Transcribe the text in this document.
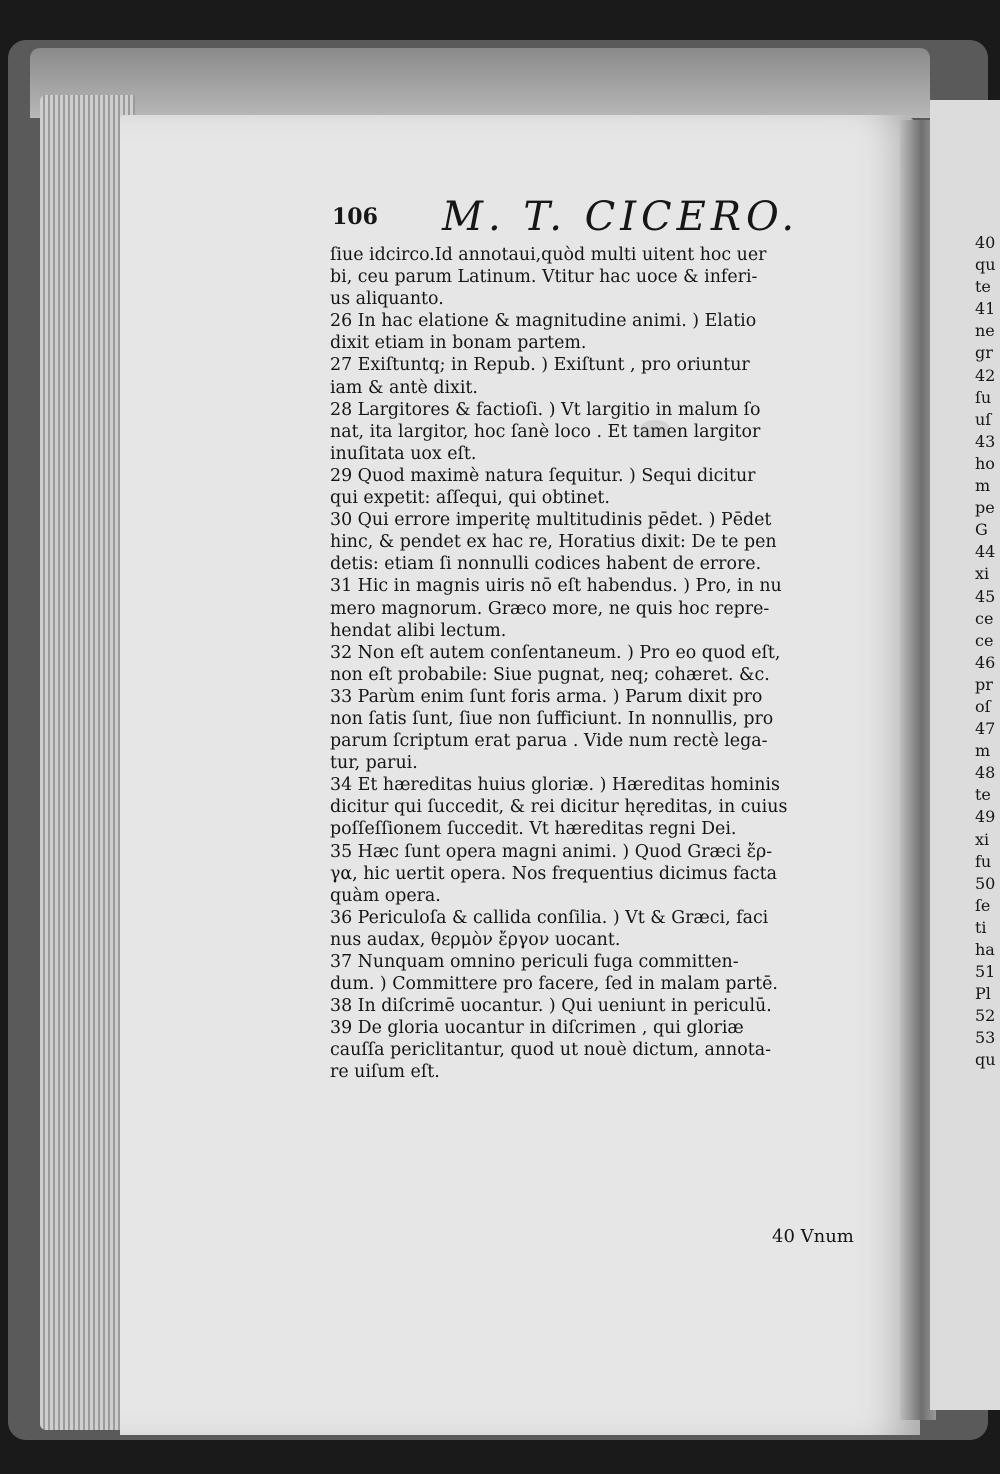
106 M. T. CICERO.
ſiue idcirco.Id annotaui,quòd multi uitent hoc uer
bi, ceu parum Latinum. Vtitur hac uoce & inferi-
us aliquanto.
26 In hac elatione & magnitudine animi. ) Elatio
dixit etiam in bonam partem.
27 Exiſtuntq; in Repub. ) Exiſtunt , pro oriuntur
iam & antè dixit.
28 Largitores & factioſi. ) Vt largitio in malum ſo
nat, ita largitor, hoc ſanè loco . Et tamen largitor
inuſitata uox eſt.
29 Quod maximè natura ſequitur. ) Sequi dicitur
qui expetit: aſſequi, qui obtinet.
30 Qui errore imperitę multitudinis pēdet. ) Pēdet
hinc, & pendet ex hac re, Horatius dixit: De te pen
detis: etiam ſi nonnulli codices habent de errore.
31 Hic in magnis uiris nō eſt habendus. ) Pro, in nu
mero magnorum. Græco more, ne quis hoc repre-
hendat alibi lectum.
32 Non eſt autem conſentaneum. ) Pro eo quod eſt,
non eſt probabile: Siue pugnat, neq; cohæret. &c.
33 Parùm enim ſunt foris arma. ) Parum dixit pro
non ſatis ſunt, ſiue non ſufficiunt. In nonnullis, pro
parum ſcriptum erat parua . Vide num rectè lega-
tur, parui.
34 Et hæreditas huius gloriæ. ) Hæreditas hominis
dicitur qui ſuccedit, & rei dicitur hęreditas, in cuius
poſſeſſionem ſuccedit. Vt hæreditas regni Dei.
35 Hæc ſunt opera magni animi. ) Quod Græci ἔρ-
γα, hic uertit opera. Nos frequentius dicimus facta
quàm opera.
36 Periculoſa & callida conſilia. ) Vt & Græci, faci
nus audax, θερμὸν ἔργον uocant.
37 Nunquam omnino periculi fuga committen-
dum. ) Committere pro facere, ſed in malam partē.
38 In diſcrimē uocantur. ) Qui ueniunt in periculū.
39 De gloria uocantur in diſcrimen , qui gloriæ
cauſſa periclitantur, quod ut nouè dictum, annota-
re uiſum eſt.
40 Vnum
40
qu
te
41
ne
gr
42
ſu
uſ
43
ho
m
pe
G
44
xi
45
ce
ce
46
pr
oſ
47
m
48
te
49
xi
fu
50
ſe
ti
ha
51
Pl
52
53
qu
